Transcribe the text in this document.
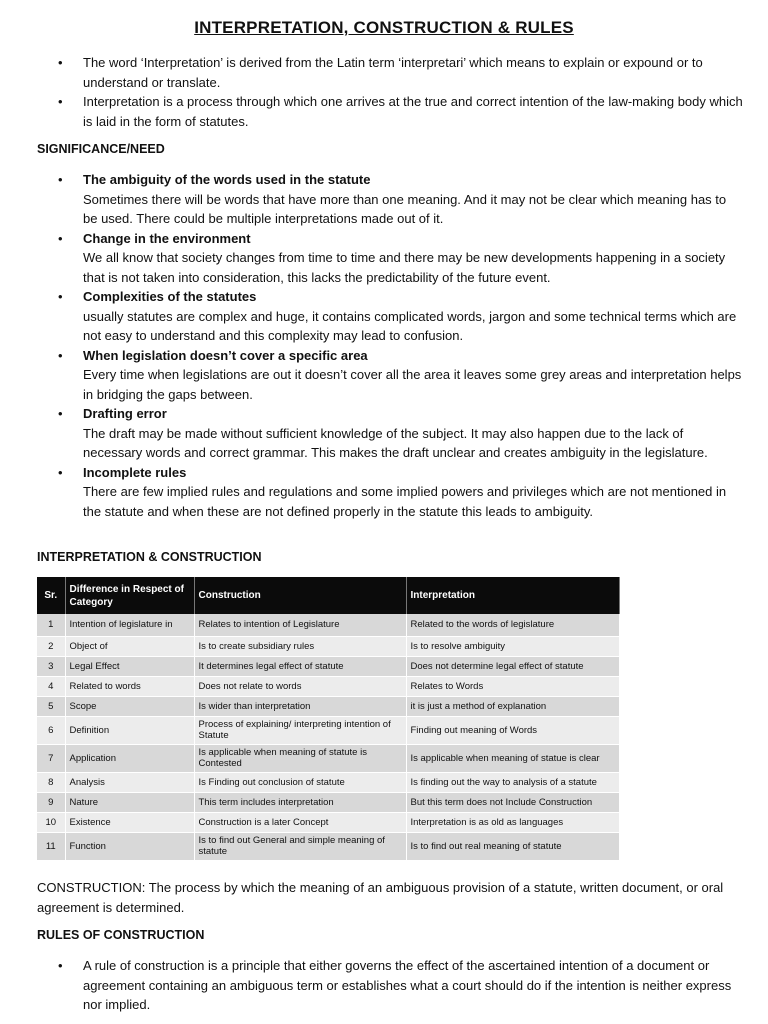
INTERPRETATION, CONSTRUCTION & RULES
• The word ‘Interpretation’ is derived from the Latin term ‘interpretari’ which means to explain or expound or to understand or translate.
• Interpretation is a process through which one arrives at the true and correct intention of the law-making body which is laid in the form of statutes.
SIGNIFICANCE/NEED
• The ambiguity of the words used in the statute
Sometimes there will be words that have more than one meaning. And it may not be clear which meaning has to be used. There could be multiple interpretations made out of it.
• Change in the environment
We all know that society changes from time to time and there may be new developments happening in a society that is not taken into consideration, this lacks the predictability of the future event.
• Complexities of the statutes
usually statutes are complex and huge, it contains complicated words, jargon and some technical terms which are not easy to understand and this complexity may lead to confusion.
• When legislation doesn’t cover a specific area
Every time when legislations are out it doesn’t cover all the area it leaves some grey areas and interpretation helps in bridging the gaps between.
• Drafting error
The draft may be made without sufficient knowledge of the subject. It may also happen due to the lack of necessary words and correct grammar. This makes the draft unclear and creates ambiguity in the legislature.
• Incomplete rules
There are few implied rules and regulations and some implied powers and privileges which are not mentioned in the statute and when these are not defined properly in the statute this leads to ambiguity.
INTERPRETATION & CONSTRUCTION
Sr.	Difference in Respect of Category	Construction	Interpretation
1	Intention of legislature in	Relates to intention of Legislature	Related to the words of legislature
2	Object of	Is to create subsidiary rules	Is to resolve ambiguity
3	Legal Effect	It determines legal effect of statute	Does not determine legal effect of statute
4	Related to words	Does not relate to words	Relates to Words
5	Scope	Is wider than interpretation	it is just a method of explanation
6	Definition	Process of explaining/ interpreting intention of Statute	Finding out meaning of Words
7	Application	Is applicable when meaning of statute is Contested	Is applicable when meaning of statue is clear
8	Analysis	Is Finding out conclusion of statute	Is finding out the way to analysis of a statute
9	Nature	This term includes interpretation	But this term does not Include Construction
10	Existence	Construction is a later Concept	Interpretation is as old as languages
11	Function	Is to find out General and simple meaning of statute	Is to find out real meaning of statute
CONSTRUCTION: The process by which the meaning of an ambiguous provision of a statute, written document, or oral agreement is determined.
RULES OF CONSTRUCTION
• A rule of construction is a principle that either governs the effect of the ascertained intention of a document or agreement containing an ambiguous term or establishes what a court should do if the intention is neither express nor implied.
